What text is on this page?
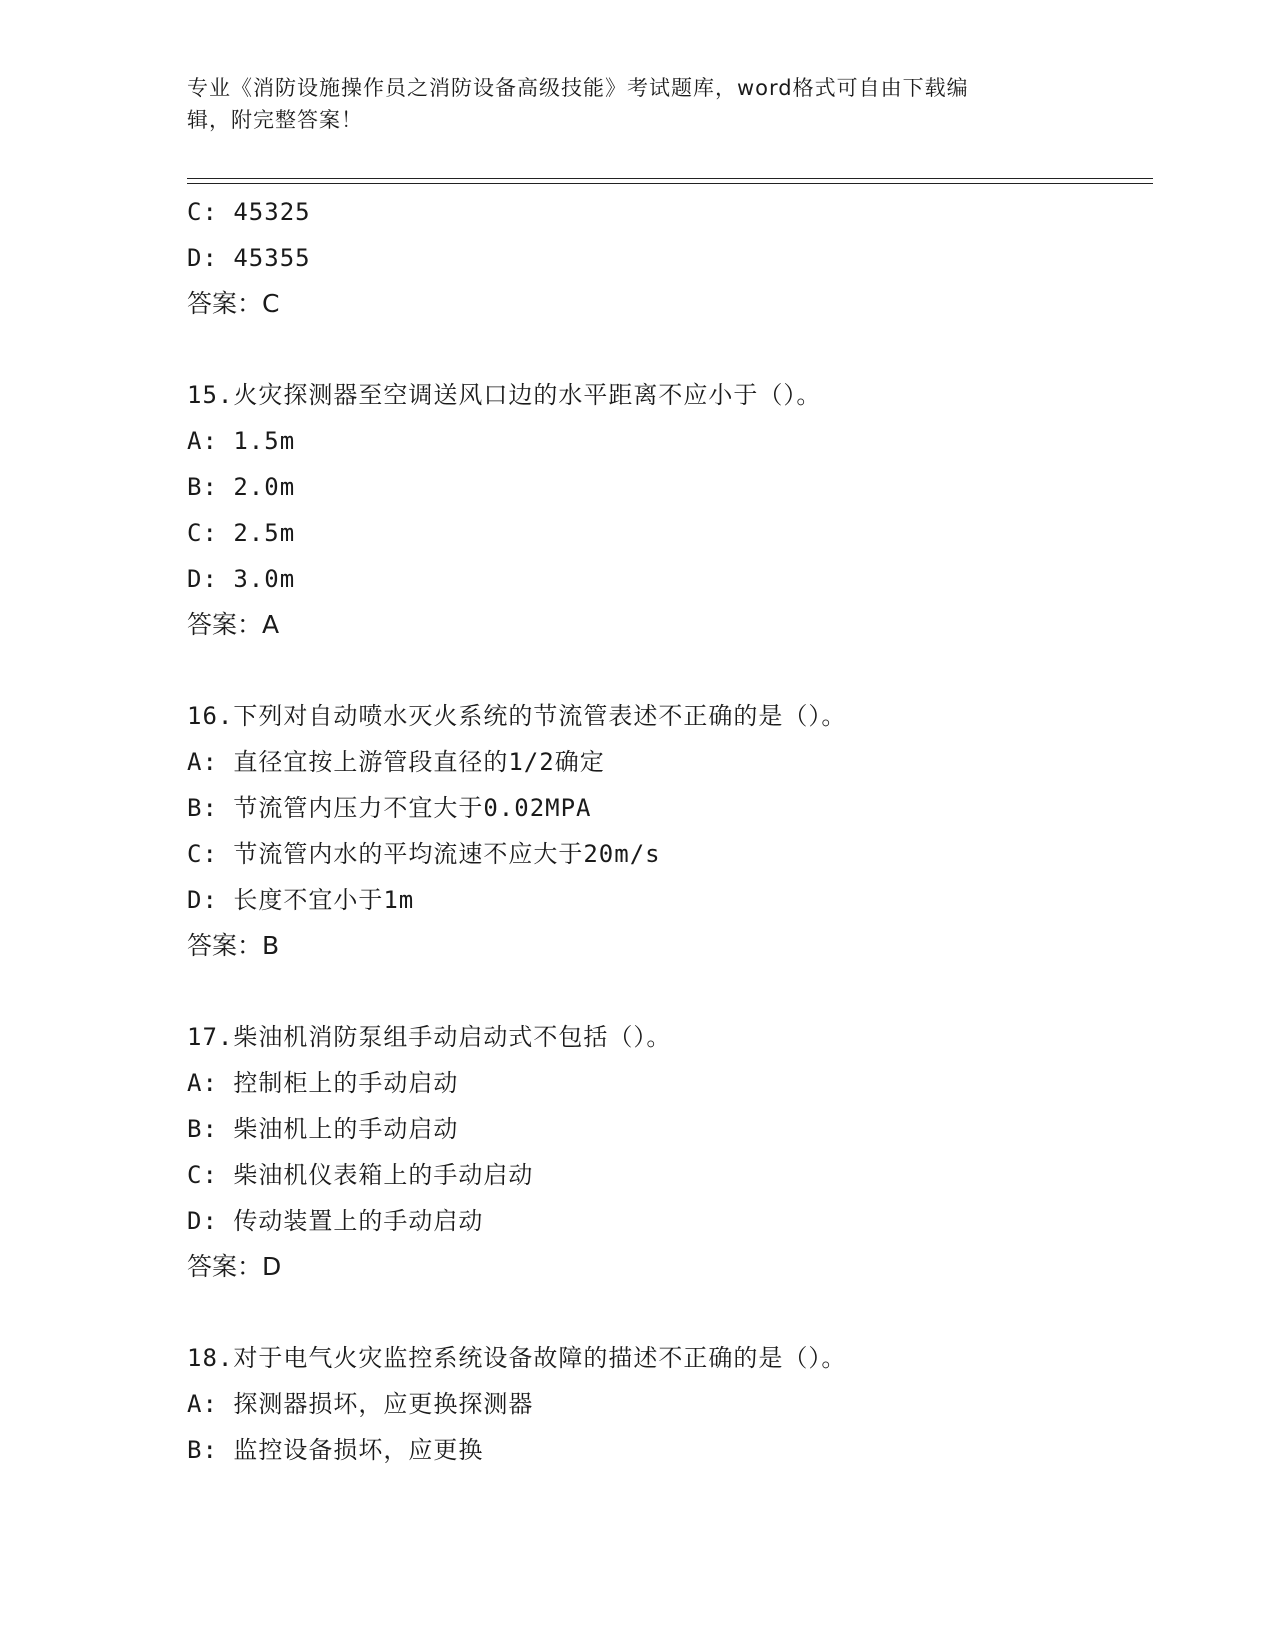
专业《消防设施操作员之消防设备高级技能》考试题库，word格式可自由下载编
辑，附完整答案！
C: 45325
D: 45355
答案：C
15.火灾探测器至空调送风口边的水平距离不应小于（）。
A: 1.5m
B: 2.0m
C: 2.5m
D: 3.0m
答案：A
16.下列对自动喷水灭火系统的节流管表述不正确的是（）。
A: 直径宜按上游管段直径的1/2确定
B: 节流管内压力不宜大于0.02MPA
C: 节流管内水的平均流速不应大于20m/s
D: 长度不宜小于1m
答案：B
17.柴油机消防泵组手动启动式不包括（）。
A: 控制柜上的手动启动
B: 柴油机上的手动启动
C: 柴油机仪表箱上的手动启动
D: 传动装置上的手动启动
答案：D
18.对于电气火灾监控系统设备故障的描述不正确的是（）。
A: 探测器损坏，应更换探测器
B: 监控设备损坏，应更换
